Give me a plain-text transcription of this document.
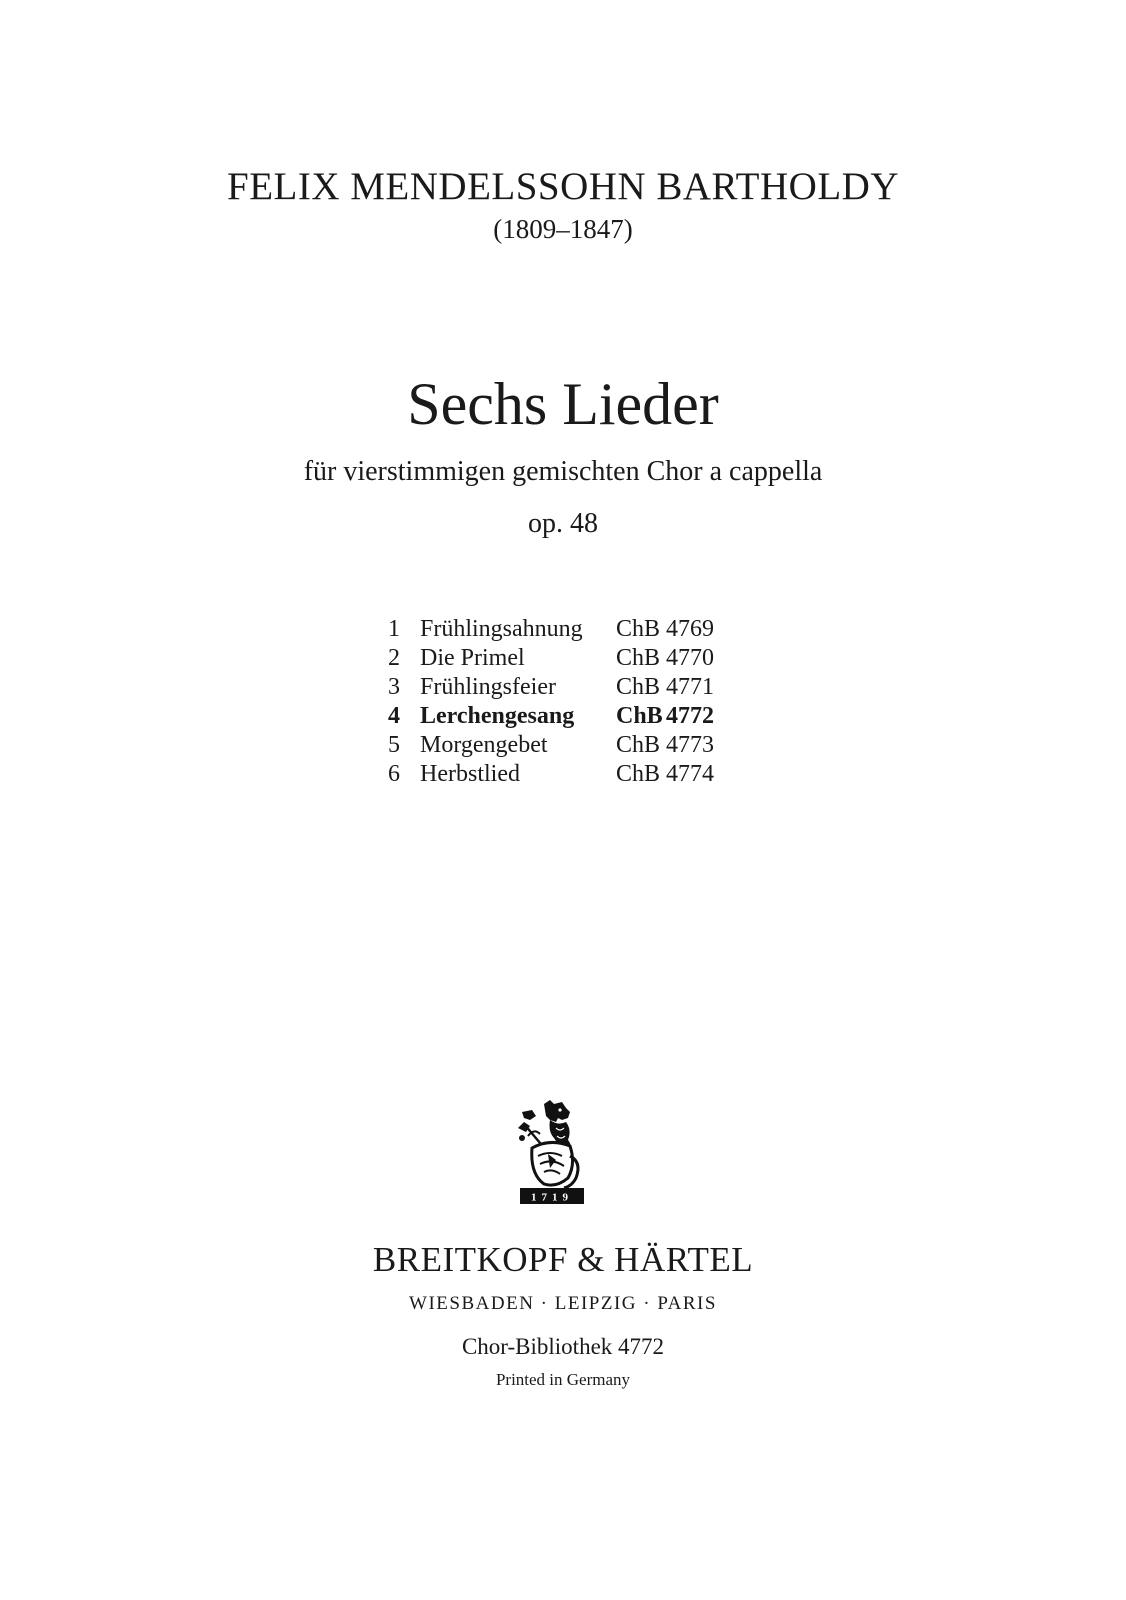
FELIX MENDELSSOHN BARTHOLDY
(1809–1847)
Sechs Lieder
für vierstimmigen gemischten Chor a cappella
op. 48
1 Frühlingsahnung	ChB 4769
2 Die Primel	ChB 4770
3 Frühlingsfeier	ChB 4771
4 Lerchengesang	ChB 4772
5 Morgengebet	ChB 4773
6 Herbstlied	ChB 4774
1719
BREITKOPF & HÄRTEL
WIESBADEN · LEIPZIG · PARIS
Chor-Bibliothek 4772
Printed in Germany
